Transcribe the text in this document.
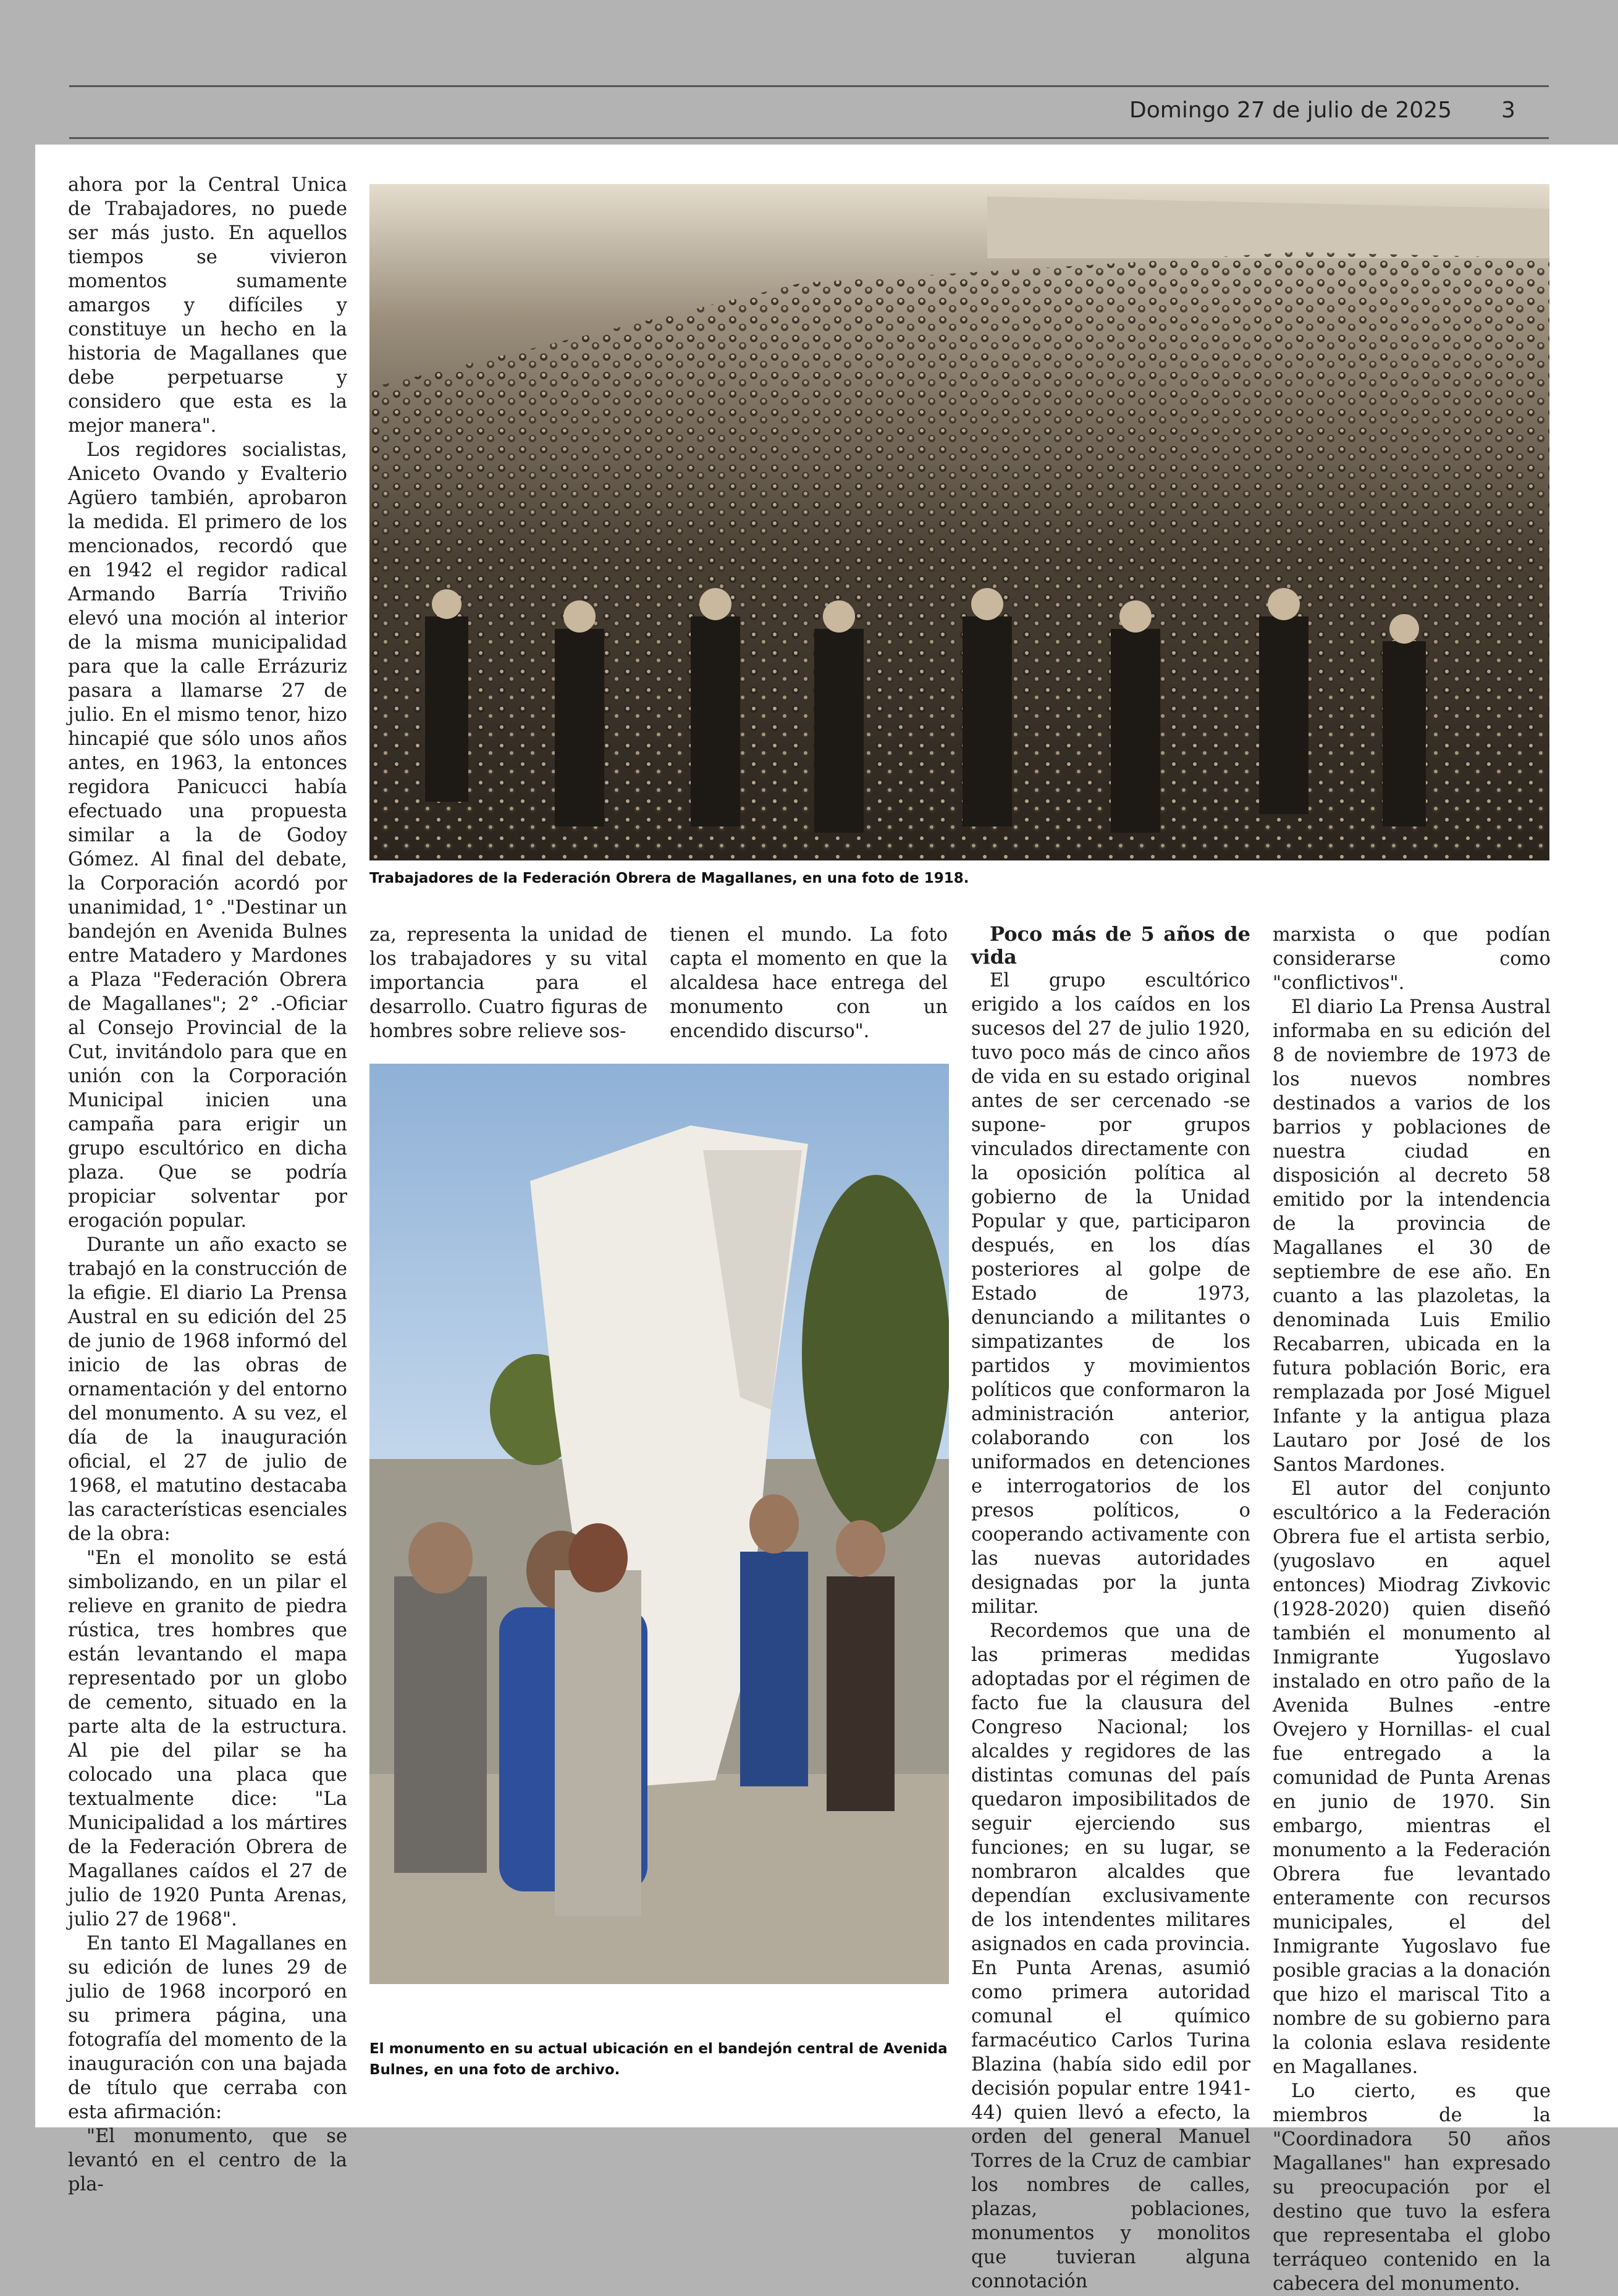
Domingo 27 de julio de 2025 3

ahora por la Central Unica de Trabajadores, no puede ser más justo. En aquellos tiempos se vivieron momentos sumamente amargos y difíciles y constituye un hecho en la historia de Magallanes que debe perpetuarse y considero que esta es la mejor manera".

Los regidores socialistas, Aniceto Ovando y Evalterio Agüero también, aprobaron la medida. El primero de los mencionados, recordó que en 1942 el regidor radical Armando Barría Triviño elevó una moción al interior de la misma municipalidad para que la calle Errázuriz pasara a llamarse 27 de julio. En el mismo tenor, hizo hincapié que sólo unos años antes, en 1963, la entonces regidora Panicucci había efectuado una propuesta similar a la de Godoy Gómez. Al final del debate, la Corporación acordó por unanimidad, 1° ."Destinar un bandejón en Avenida Bulnes entre Matadero y Mardones a Plaza "Federación Obrera de Magallanes"; 2° .-Oficiar al Consejo Provincial de la Cut, invitándolo para que en unión con la Corporación Municipal inicien una campaña para erigir un grupo escultórico en dicha plaza. Que se podría propiciar solventar por erogación popular.

Durante un año exacto se trabajó en la construcción de la efigie. El diario La Prensa Austral en su edición del 25 de junio de 1968 informó del inicio de las obras de ornamentación y del entorno del monumento. A su vez, el día de la inauguración oficial, el 27 de julio de 1968, el matutino destacaba las características esenciales de la obra:

"En el monolito se está simbolizando, en un pilar el relieve en granito de piedra rústica, tres hombres que están levantando el mapa representado por un globo de cemento, situado en la parte alta de la estructura. Al pie del pilar se ha colocado una placa que textualmente dice: "La Municipalidad a los mártires de la Federación Obrera de Magallanes caídos el 27 de julio de 1920 Punta Arenas, julio 27 de 1968".

En tanto El Magallanes en su edición de lunes 29 de julio de 1968 incorporó en su primera página, una fotografía del momento de la inauguración con una bajada de título que cerraba con esta afirmación:

"El monumento, que se levantó en el centro de la pla-

Trabajadores de la Federación Obrera de Magallanes, en una foto de 1918.

za, representa la unidad de los trabajadores y su vital importancia para el desarrollo. Cuatro figuras de hombres sobre relieve sos-

tienen el mundo. La foto capta el momento en que la alcaldesa hace entrega del monumento con un encendido discurso".

El monumento en su actual ubicación en el bandejón central de Avenida Bulnes, en una foto de archivo.

Poco más de 5 años de vida

El grupo escultórico erigido a los caídos en los sucesos del 27 de julio 1920, tuvo poco más de cinco años de vida en su estado original antes de ser cercenado -se supone- por grupos vinculados directamente con la oposición política al gobierno de la Unidad Popular y que, participaron después, en los días posteriores al golpe de Estado de 1973, denunciando a militantes o simpatizantes de los partidos y movimientos políticos que conformaron la administración anterior, colaborando con los uniformados en detenciones e interrogatorios de los presos políticos, o cooperando activamente con las nuevas autoridades designadas por la junta militar.

Recordemos que una de las primeras medidas adoptadas por el régimen de facto fue la clausura del Congreso Nacional; los alcaldes y regidores de las distintas comunas del país quedaron imposibilitados de seguir ejerciendo sus funciones; en su lugar, se nombraron alcaldes que dependían exclusivamente de los intendentes militares asignados en cada provincia. En Punta Arenas, asumió como primera autoridad comunal el químico farmacéutico Carlos Turina Blazina (había sido edil por decisión popular entre 1941-44) quien llevó a efecto, la orden del general Manuel Torres de la Cruz de cambiar los nombres de calles, plazas, poblaciones, monumentos y monolitos que tuvieran alguna connotación

marxista o que podían considerarse como "conflictivos".

El diario La Prensa Austral informaba en su edición del 8 de noviembre de 1973 de los nuevos nombres destinados a varios de los barrios y poblaciones de nuestra ciudad en disposición al decreto 58 emitido por la intendencia de la provincia de Magallanes el 30 de septiembre de ese año. En cuanto a las plazoletas, la denominada Luis Emilio Recabarren, ubicada en la futura población Boric, era remplazada por José Miguel Infante y la antigua plaza Lautaro por José de los Santos Mardones.

El autor del conjunto escultórico a la Federación Obrera fue el artista serbio, (yugoslavo en aquel entonces) Miodrag Zivkovic (1928-2020) quien diseñó también el monumento al Inmigrante Yugoslavo instalado en otro paño de la Avenida Bulnes -entre Ovejero y Hornillas- el cual fue entregado a la comunidad de Punta Arenas en junio de 1970. Sin embargo, mientras el monumento a la Federación Obrera fue levantado enteramente con recursos municipales, el del Inmigrante Yugoslavo fue posible gracias a la donación que hizo el mariscal Tito a nombre de su gobierno para la colonia eslava residente en Magallanes.

Lo cierto, es que miembros de la "Coordinadora 50 años Magallanes" han expresado su preocupación por el destino que tuvo la esfera que representaba el globo terráqueo contenido en la cabecera del monumento.
